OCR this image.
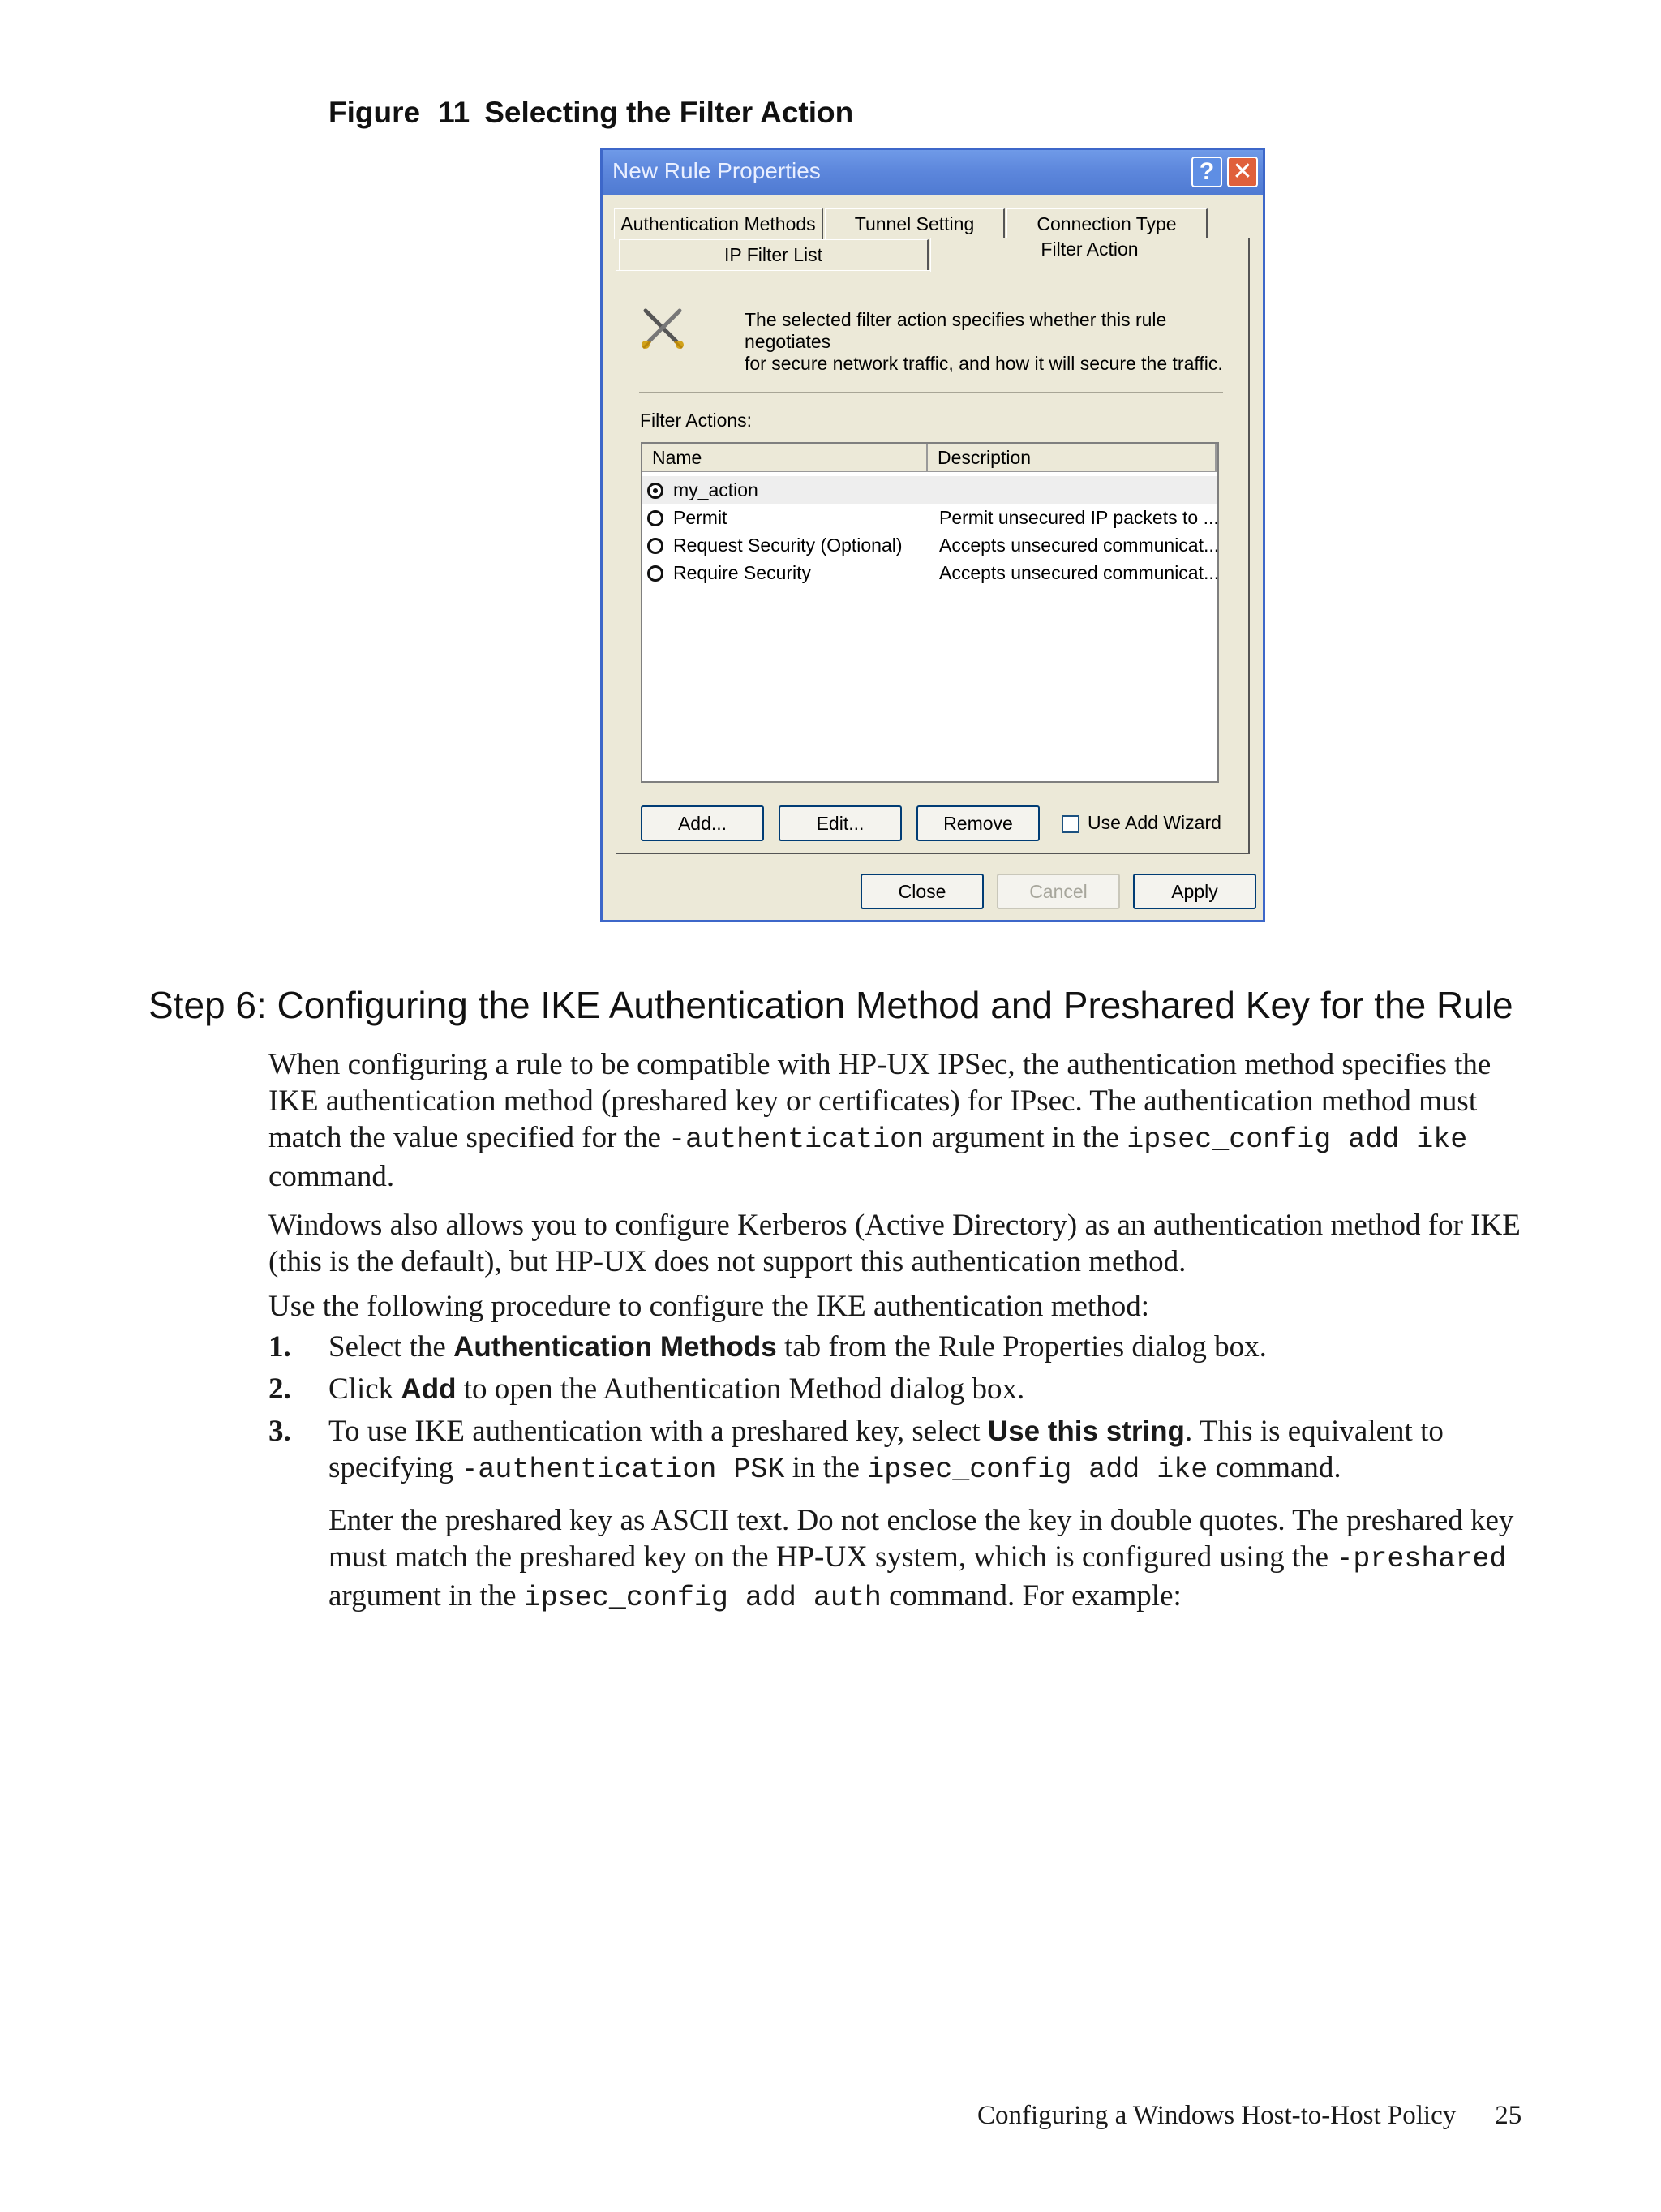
Figure 11 Selecting the Filter Action
New Rule Properties	? ✕
Authentication Methods	Tunnel Setting	Connection Type
IP Filter List	Filter Action
The selected filter action specifies whether this rule negotiates
for secure network traffic, and how it will secure the traffic.
Filter Actions:
Name	Description
my_action
Permit	Permit unsecured IP packets to ...
Request Security (Optional) Accepts unsecured communicat...
Require Security	Accepts unsecured communicat...
Add...	Edit...	Remove	Use Add Wizard
Close	Cancel	Apply
Step 6: Configuring the IKE Authentication Method and Preshared Key for the Rule

When configuring a rule to be compatible with HP-UX IPSec, the authentication method specifies the IKE authentication method (preshared key or certificates) for IPsec. The authentication method must match the value specified for the -authentication argument in the ipsec_config add ike command.

Windows also allows you to configure Kerberos (Active Directory) as an authentication method for IKE (this is the default), but HP-UX does not support this authentication method.

Use the following procedure to configure the IKE authentication method:

1. Select the Authentication Methods tab from the Rule Properties dialog box.
2. Click Add to open the Authentication Method dialog box.
3. To use IKE authentication with a preshared key, select Use this string. This is equivalent to specifying -authentication PSK in the ipsec_config add ike command.
Enter the preshared key as ASCII text. Do not enclose the key in double quotes. The preshared key must match the preshared key on the HP-UX system, which is configured using the -preshared argument in the ipsec_config add auth command. For example:
Configuring a Windows Host-to-Host Policy 25
